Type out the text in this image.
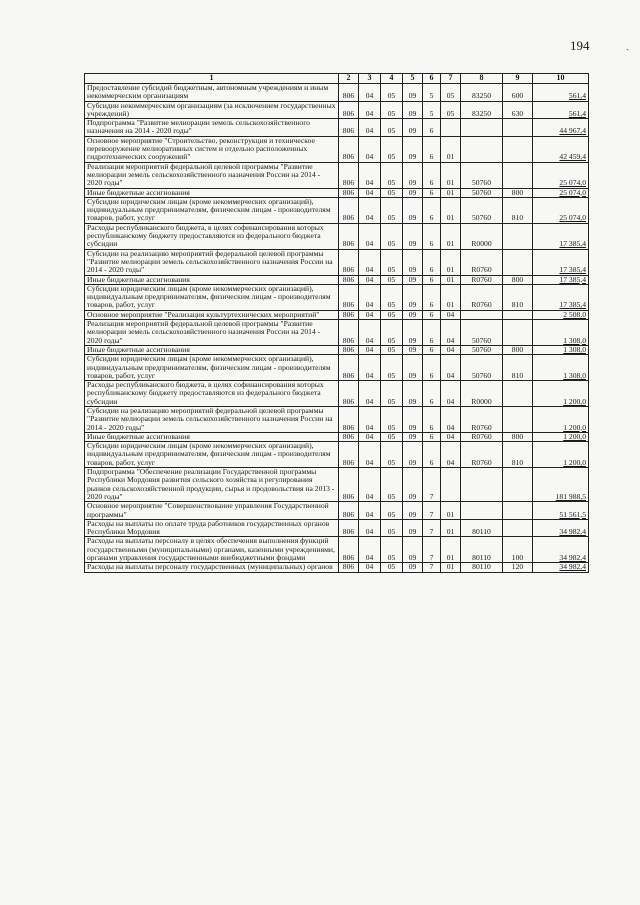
194	ˎ
1	2	3	4	5	6	7	8	9	10
Предоставление субсидий бюджетным, автономным учреждениям и иным некоммерческим организациям	806	04	05	09	5	05	83250	600	561,4
Субсидии некоммерческим организациям (за исключением государственных учреждений)	806	04	05	09	5	05	83250	630	561,4
Подпрограмма "Развитие мелиорации земель сельскохозяйственного назначения на 2014 - 2020 годы"	806	04	05	09	6				44 967,4
Основное мероприятие "Строительство, реконструкция и техническое перевооружение мелиоративных систем и отдельно расположенных гидротехнических сооружений"	806	04	05	09	6	01			42 459,4
Реализация мероприятий федеральной целевой программы "Развитие мелиорации земель сельскохозяйственного назначения России на 2014 - 2020 годы"	806	04	05	09	6	01	50760		25 074,0
Иные бюджетные ассигнования	806	04	05	09	6	01	50760	800	25 074,0
Субсидии юридическим лицам (кроме некоммерческих организаций), индивидуальным предпринимателям, физическим лицам - производителям товаров, работ, услуг	806	04	05	09	6	01	50760	810	25 074,0
Расходы республиканского бюджета, в целях софинансирования которых республиканскому бюджету предоставляются из федерального бюджета субсидии	806	04	05	09	6	01	R0000		17 385,4
Субсидии на реализацию мероприятий федеральной целевой программы "Развитие мелиорации земель сельскохозяйственного назначения России на 2014 - 2020 годы"	806	04	05	09	6	01	R0760		17 385,4
Иные бюджетные ассигнования	806	04	05	09	6	01	R0760	800	17 385,4
Субсидии юридическим лицам (кроме некоммерческих организаций), индивидуальным предпринимателям, физическим лицам - производителям товаров, работ, услуг	806	04	05	09	6	01	R0760	810	17 385,4
Основное мероприятие "Реализация культуртехнических мероприятий"	806	04	05	09	6	04			2 508,0
Реализация мероприятий федеральной целевой программы "Развитие мелиорации земель сельскохозяйственного назначения России на 2014 - 2020 годы"	806	04	05	09	6	04	50760		1 308,0
Иные бюджетные ассигнования	806	04	05	09	6	04	50760	800	1 308,0
Субсидии юридическим лицам (кроме некоммерческих организаций), индивидуальным предпринимателям, физическим лицам - производителям товаров, работ, услуг	806	04	05	09	6	04	50760	810	1 308,0
Расходы республиканского бюджета, в целях софинансирования которых республиканскому бюджету предоставляются из федерального бюджета субсидии	806	04	05	09	6	04	R0000		1 200,0
Субсидии на реализацию мероприятий федеральной целевой программы "Развитие мелиорации земель сельскохозяйственного назначения России на 2014 - 2020 годы"	806	04	05	09	6	04	R0760		1 200,0
Иные бюджетные ассигнования	806	04	05	09	6	04	R0760	800	1 200,0
Субсидии юридическим лицам (кроме некоммерческих организаций), индивидуальным предпринимателям, физическим лицам - производителям товаров, работ, услуг	806	04	05	09	6	04	R0760	810	1 200,0
Подпрограмма "Обеспечение реализации Государственной программы Республики Мордовия развития сельского хозяйства и регулирования рынков сельскохозяйственной продукции, сырья и продовольствия на 2013 - 2020 годы"	806	04	05	09	7				181 988,5
Основное мероприятие "Совершенствование управления Государственной программы"	806	04	05	09	7	01			51 561,5
Расходы на выплаты по оплате труда работников государственных органов Республики Мордовия	806	04	05	09	7	01	80110		34 982,4
Расходы на выплаты персоналу в целях обеспечения выполнения функций государственными (муниципальными) органами, казенными учреждениями, органами управления государственными внебюджетными фондами	806	04	05	09	7	01	80110	100	34 982,4
Расходы на выплаты персоналу государственных (муниципальных) органов	806	04	05	09	7	01	80110	120	34 982,4
